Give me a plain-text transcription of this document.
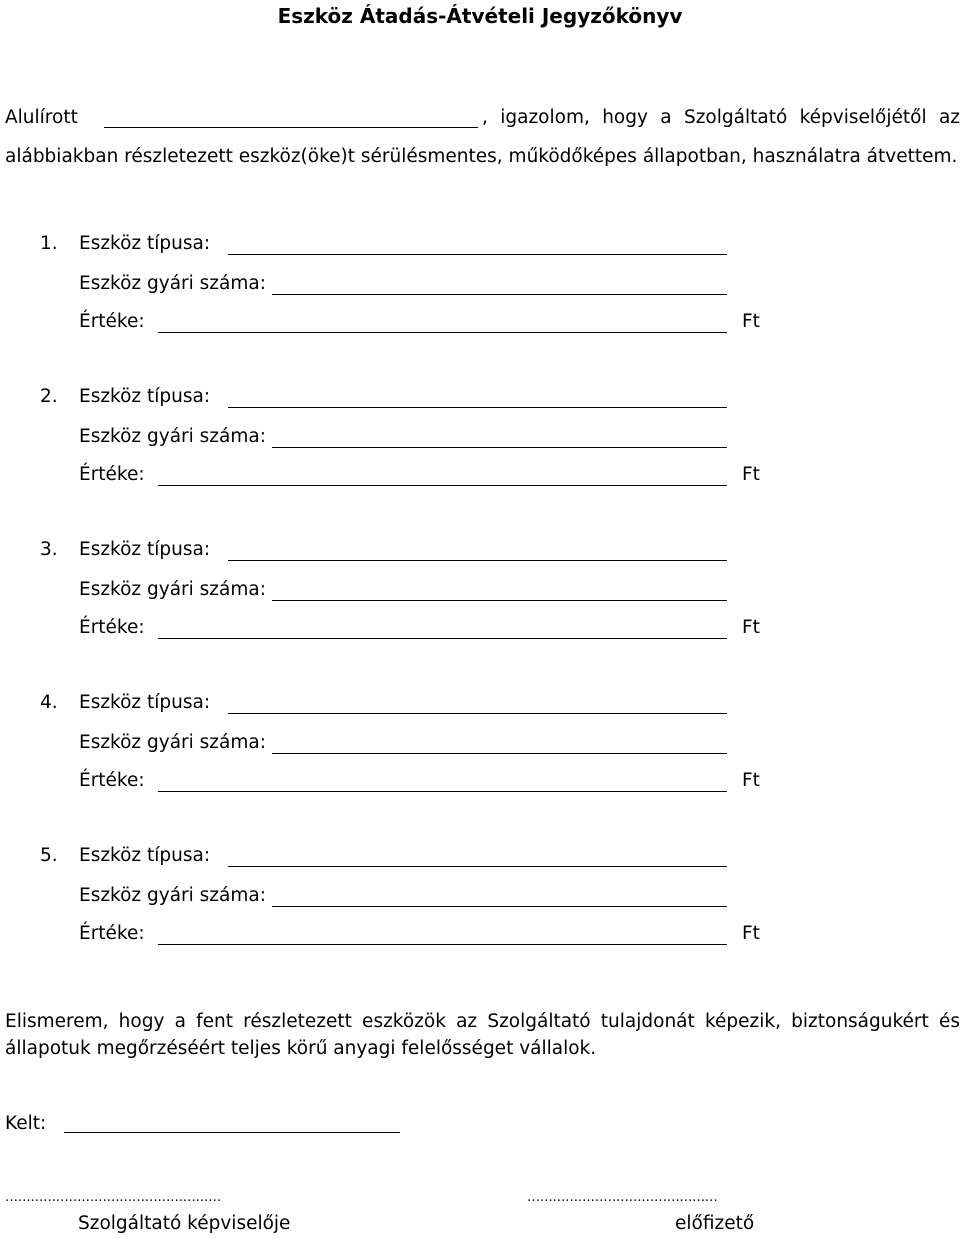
Eszköz Átadás-Átvételi Jegyzőkönyv
Alulírott	, igazolom, hogy a Szolgáltató képviselőjétől az
alábbiakban részletezett eszköz(öke)t sérülésmentes, működőképes állapotban, használatra átvettem.
1. Eszköz típusa:
Eszköz gyári száma:
Értéke:	Ft
2. Eszköz típusa:
Eszköz gyári száma:
Értéke:	Ft
3. Eszköz típusa:
Eszköz gyári száma:
Értéke:	Ft
4. Eszköz típusa:
Eszköz gyári száma:
Értéke:	Ft
5. Eszköz típusa:
Eszköz gyári száma:
Értéke:	Ft
Elismerem, hogy a fent részletezett eszközök az Szolgáltató tulajdonát képezik, biztonságukért és
állapotuk megőrzéséért teljes körű anyagi felelősséget vállalok.
Kelt:
……………………………………………	………………………………………
Szolgáltató képviselője	előfizető
